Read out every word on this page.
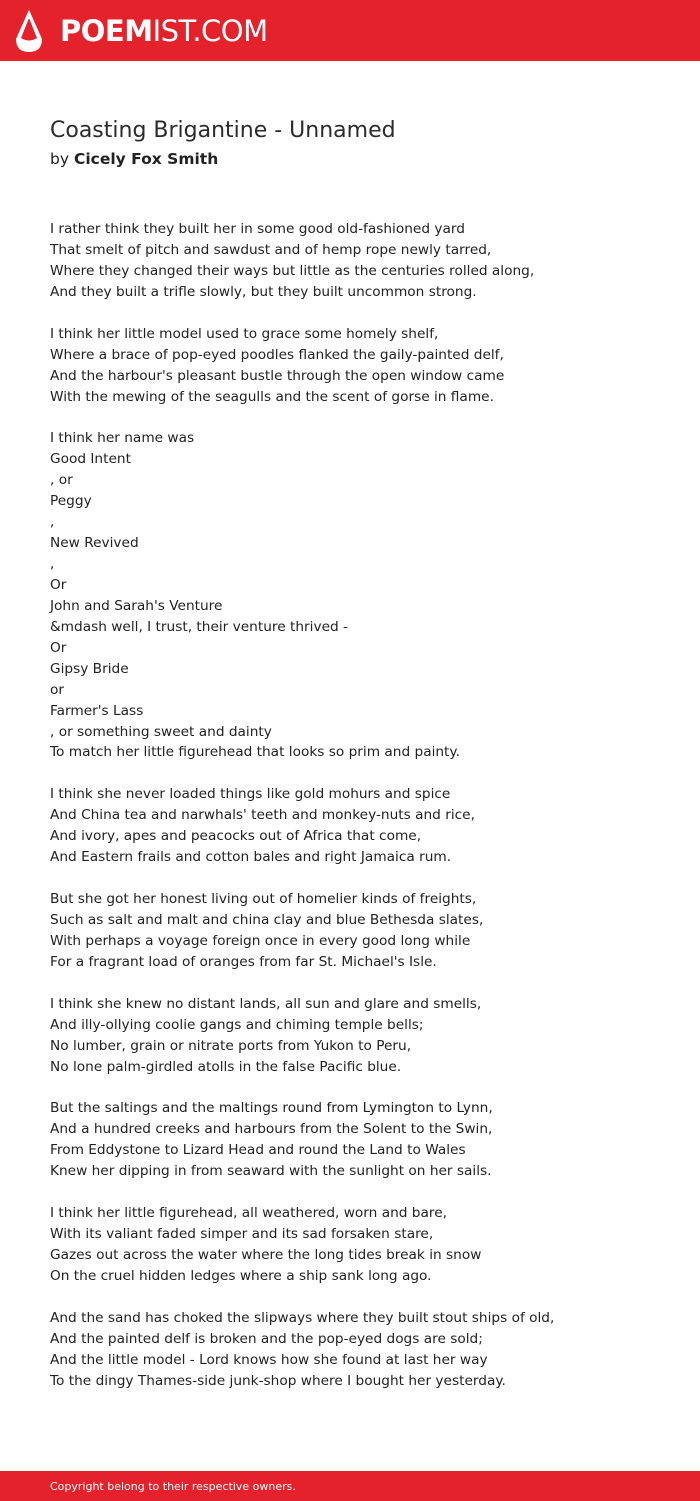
POEMIST.COM
Coasting Brigantine - Unnamed
by Cicely Fox Smith
I rather think they built her in some good old-fashioned yard
That smelt of pitch and sawdust and of hemp rope newly tarred,
Where they changed their ways but little as the centuries rolled along,
And they built a trifle slowly, but they built uncommon strong.
I think her little model used to grace some homely shelf,
Where a brace of pop-eyed poodles flanked the gaily-painted delf,
And the harbour's pleasant bustle through the open window came
With the mewing of the seagulls and the scent of gorse in flame.
I think her name was
Good Intent
, or
Peggy
,
New Revived
,
Or
John and Sarah's Venture
&mdash well, I trust, their venture thrived -
Or
Gipsy Bride
or
Farmer's Lass
, or something sweet and dainty
To match her little figurehead that looks so prim and painty.
I think she never loaded things like gold mohurs and spice
And China tea and narwhals' teeth and monkey-nuts and rice,
And ivory, apes and peacocks out of Africa that come,
And Eastern frails and cotton bales and right Jamaica rum.
But she got her honest living out of homelier kinds of freights,
Such as salt and malt and china clay and blue Bethesda slates,
With perhaps a voyage foreign once in every good long while
For a fragrant load of oranges from far St. Michael's Isle.
I think she knew no distant lands, all sun and glare and smells,
And illy-ollying coolie gangs and chiming temple bells;
No lumber, grain or nitrate ports from Yukon to Peru,
No lone palm-girdled atolls in the false Pacific blue.
But the saltings and the maltings round from Lymington to Lynn,
And a hundred creeks and harbours from the Solent to the Swin,
From Eddystone to Lizard Head and round the Land to Wales
Knew her dipping in from seaward with the sunlight on her sails.
I think her little figurehead, all weathered, worn and bare,
With its valiant faded simper and its sad forsaken stare,
Gazes out across the water where the long tides break in snow
On the cruel hidden ledges where a ship sank long ago.
And the sand has choked the slipways where they built stout ships of old,
And the painted delf is broken and the pop-eyed dogs are sold;
And the little model - Lord knows how she found at last her way
To the dingy Thames-side junk-shop where I bought her yesterday.
Copyright belong to their respective owners.
